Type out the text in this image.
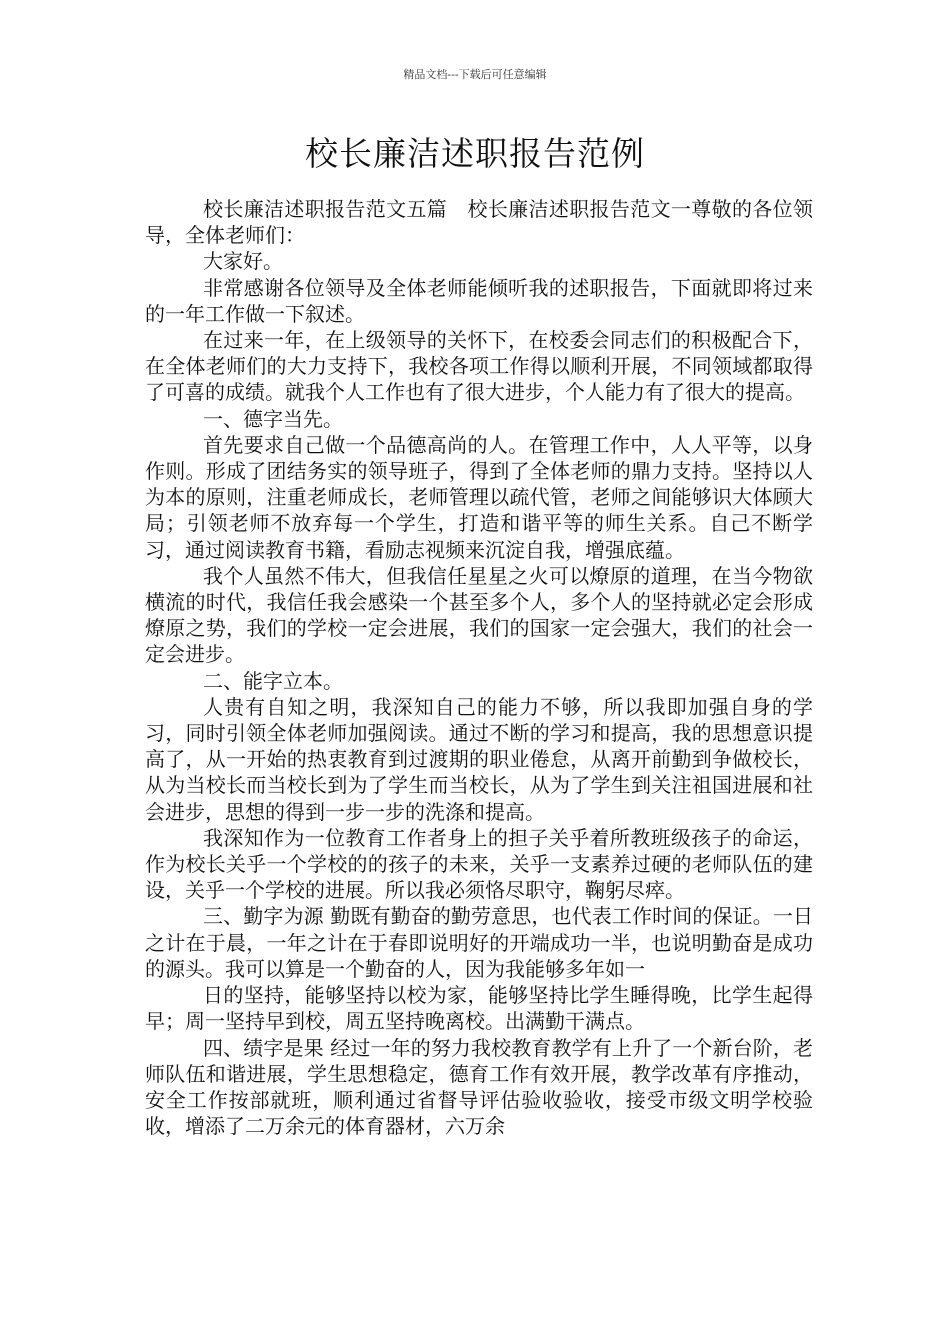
精品文档---下载后可任意编辑
校长廉洁述职报告范例

校长廉洁述职报告范文五篇　校长廉洁述职报告范文一尊敬的各位领导，全体老师们：

大家好。

非常感谢各位领导及全体老师能倾听我的述职报告，下面就即将过来的一年工作做一下叙述。

在过来一年，在上级领导的关怀下，在校委会同志们的积极配合下，在全体老师们的大力支持下，我校各项工作得以顺利开展，不同领域都取得了可喜的成绩。就我个人工作也有了很大进步，个人能力有了很大的提高。

一、德字当先。

首先要求自己做一个品德高尚的人。在管理工作中，人人平等，以身作则。形成了团结务实的领导班子，得到了全体老师的鼎力支持。坚持以人为本的原则，注重老师成长，老师管理以疏代管，老师之间能够识大体顾大局；引领老师不放弃每一个学生，打造和谐平等的师生关系。自己不断学习，通过阅读教育书籍，看励志视频来沉淀自我，增强底蕴。

我个人虽然不伟大，但我信任星星之火可以燎原的道理，在当今物欲横流的时代，我信任我会感染一个甚至多个人，多个人的坚持就必定会形成燎原之势，我们的学校一定会进展，我们的国家一定会强大，我们的社会一定会进步。

二、能字立本。

人贵有自知之明，我深知自己的能力不够，所以我即加强自身的学习，同时引领全体老师加强阅读。通过不断的学习和提高，我的思想意识提高了，从一开始的热衷教育到过渡期的职业倦怠，从离开前勤到争做校长，从为当校长而当校长到为了学生而当校长，从为了学生到关注祖国进展和社会进步，思想的得到一步一步的洗涤和提高。

我深知作为一位教育工作者身上的担子关乎着所教班级孩子的命运，作为校长关乎一个学校的的孩子的未来，关乎一支素养过硬的老师队伍的建设，关乎一个学校的进展。所以我必须恪尽职守，鞠躬尽瘁。

三、勤字为源 勤既有勤奋的勤劳意思，也代表工作时间的保证。一日之计在于晨，一年之计在于春即说明好的开端成功一半，也说明勤奋是成功的源头。我可以算是一个勤奋的人，因为我能够多年如一

日的坚持，能够坚持以校为家，能够坚持比学生睡得晚，比学生起得早；周一坚持早到校，周五坚持晚离校。出满勤干满点。

四、绩字是果 经过一年的努力我校教育教学有上升了一个新台阶，老师队伍和谐进展，学生思想稳定，德育工作有效开展，教学改革有序推动，安全工作按部就班，顺利通过省督导评估验收验收，接受市级文明学校验收，增添了二万余元的体育器材，六万余
